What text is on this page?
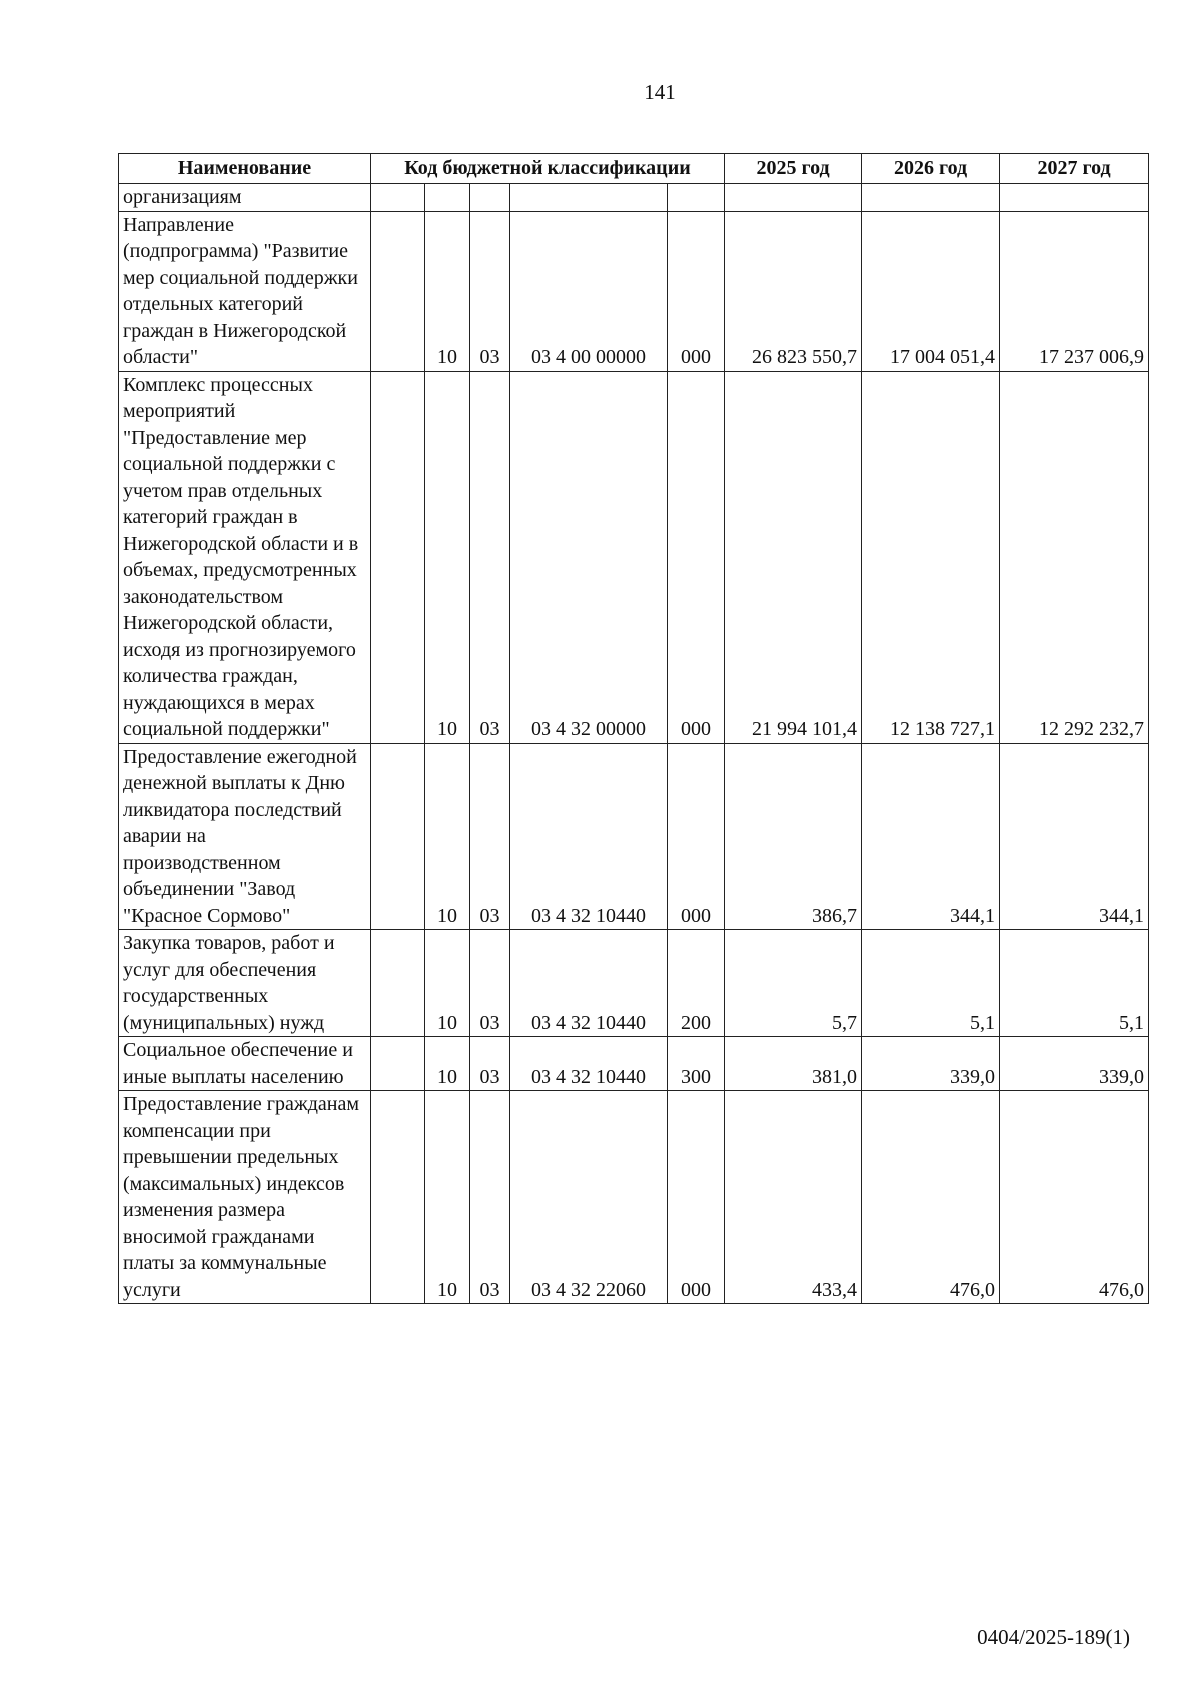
141
Наименование	Код бюджетной классификации					2025 год	2026 год	2027 год
организациям								
Направление (подпрограмма) "Развитие мер социальной поддержки отдельных категорий граждан в Нижегородской области"		10	03	03 4 00 00000	000	26 823 550,7	17 004 051,4	17 237 006,9
Комплекс процессных мероприятий "Предоставление мер социальной поддержки с учетом прав отдельных категорий граждан в Нижегородской области и в объемах, предусмотренных законодательством Нижегородской области, исходя из прогнозируемого количества граждан, нуждающихся в мерах социальной поддержки"		10	03	03 4 32 00000	000	21 994 101,4	12 138 727,1	12 292 232,7
Предоставление ежегодной денежной выплаты к Дню ликвидатора последствий аварии на производственном объединении "Завод "Красное Сормово"		10	03	03 4 32 10440	000	386,7	344,1	344,1
Закупка товаров, работ и услуг для обеспечения государственных (муниципальных) нужд		10	03	03 4 32 10440	200	5,7	5,1	5,1
Социальное обеспечение и иные выплаты населению		10	03	03 4 32 10440	300	381,0	339,0	339,0
Предоставление гражданам компенсации при превышении предельных (максимальных) индексов изменения размера вносимой гражданами платы за коммунальные услуги		10	03	03 4 32 22060	000	433,4	476,0	476,0
0404/2025-189(1)
